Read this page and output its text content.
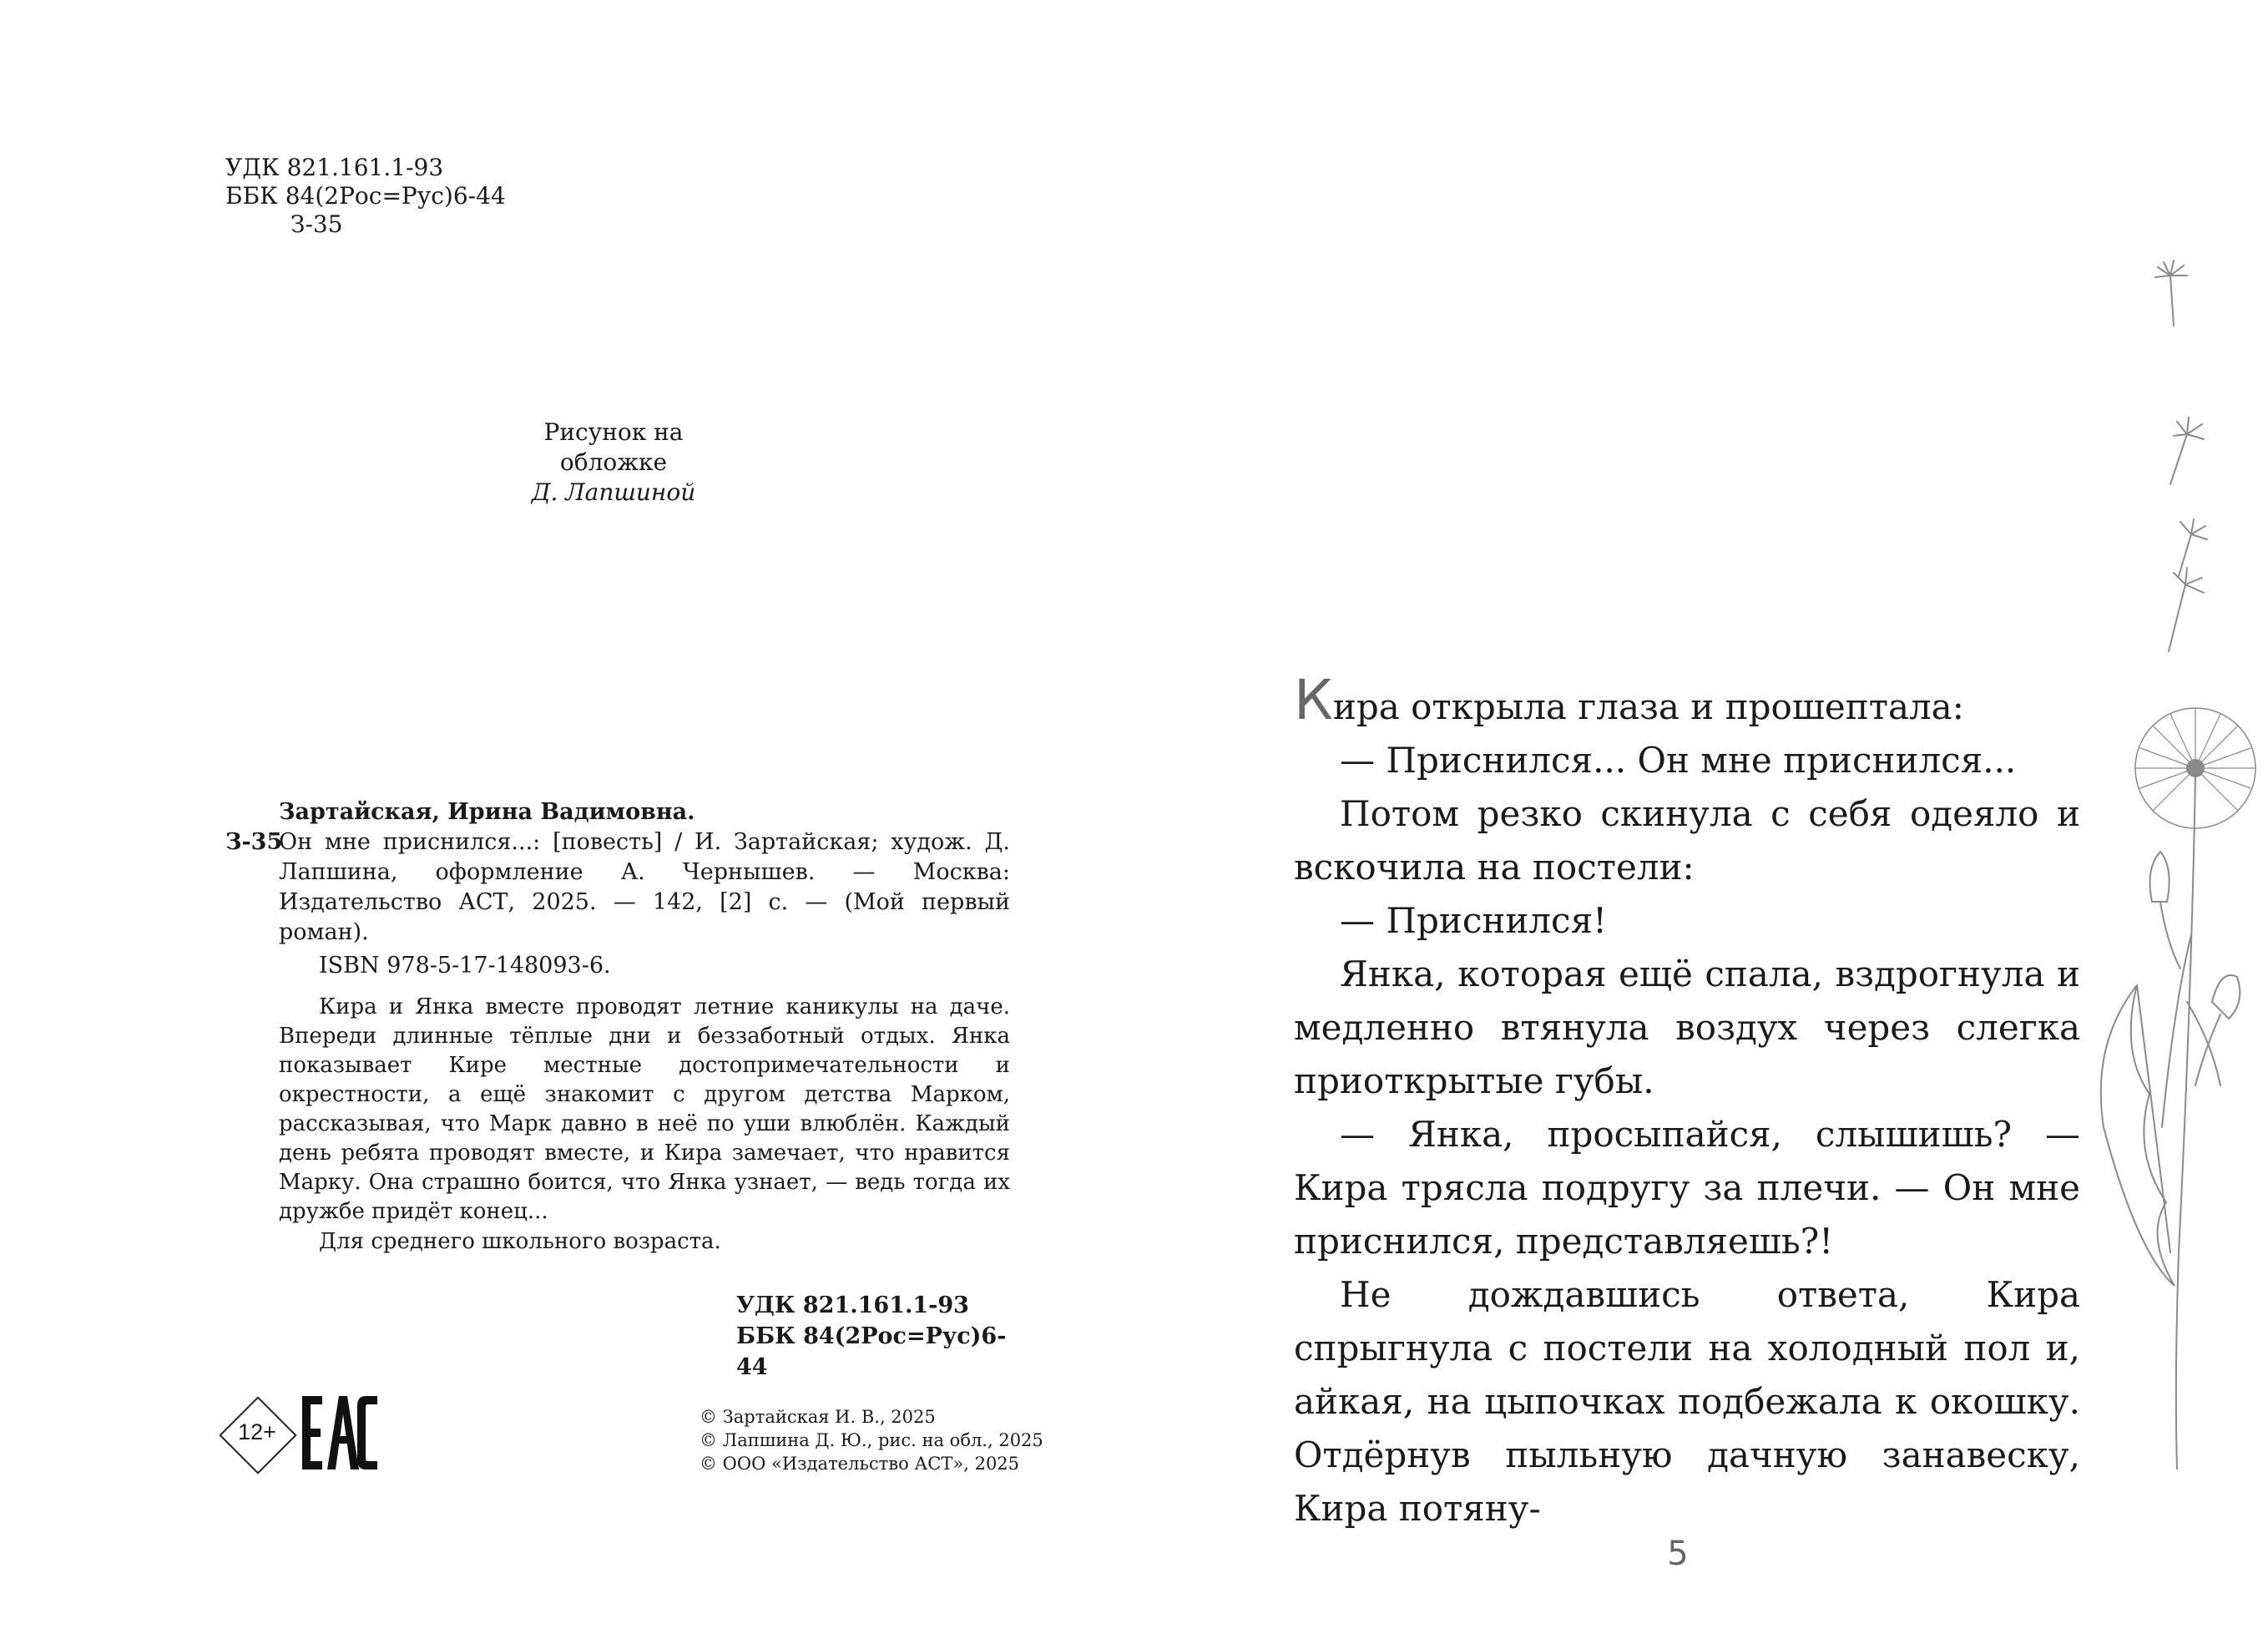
УДК 821.161.1-93
ББК 84(2Рос=Рус)6-44
З-35
Рисунок на обложке
Д. Лапшиной
Зартайская, Ирина Вадимовна.
З-35
Он мне приснился...: [повесть] / И. Зартайская; худож. Д. Лапшина, оформление А. Чернышев. — Москва: Издательство АСТ, 2025. — 142, [2] с. — (Мой первый роман).
ISBN 978-5-17-148093-6.
Кира и Янка вместе проводят летние каникулы на даче. Впереди длинные тёплые дни и беззаботный отдых. Янка показывает Кире местные достопримечательности и окрестности, а ещё знакомит с другом детства Марком, рассказывая, что Марк давно в неё по уши влюблён. Каждый день ребята проводят вместе, и Кира замечает, что нравится Марку. Она страшно боится, что Янка узнает, — ведь тогда их дружбе придёт конец...
Для среднего школьного возраста.
УДК 821.161.1-93
ББК 84(2Рос=Рус)6-44
12+
© Зартайская И. В., 2025
© Лапшина Д. Ю., рис. на обл., 2025
© ООО «Издательство АСТ», 2025

Кира открыла глаза и прошептала:

— Приснился... Он мне приснился...

Потом резко скинула с себя одеяло и вскочила на постели:

— Приснился!

Янка, которая ещё спала, вздрогнула и медленно втянула воздух через слегка приоткрытые губы.

— Янка, просыпайся, слышишь? — Кира трясла подругу за плечи. — Он мне приснился, представляешь?!

Не дождавшись ответа, Кира спрыгнула с постели на холодный пол и, айкая, на цыпочках подбежала к окошку. Отдёрнув пыльную дачную занавеску, Кира потяну-

5
